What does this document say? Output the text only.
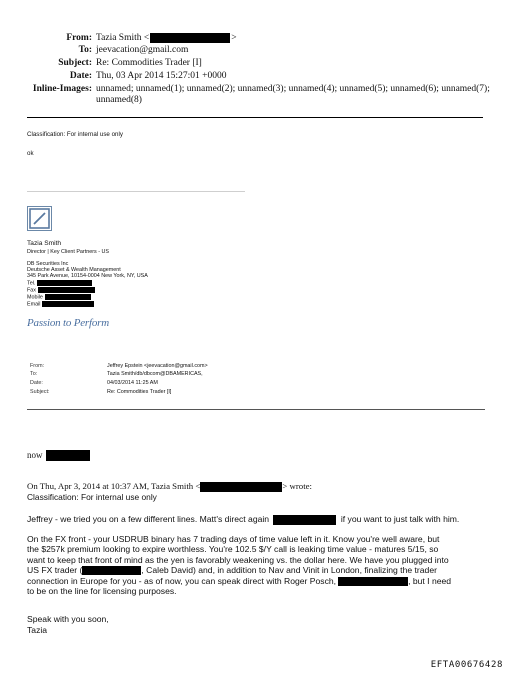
From: Tazia Smith <	>
To: jeevacation@gmail.com
Subject: Re: Commodities Trader [I]
Date: Thu, 03 Apr 2014 15:27:01 +0000
Inline-Images: unnamed; unnamed(1); unnamed(2); unnamed(3); unnamed(4); unnamed(5); unnamed(6); unnamed(7);
unnamed(8)
Classification: For internal use only
ok
Tazia Smith
Director | Key Client Partners - US
DB Securities Inc
Deutsche Asset & Wealth Management
345 Park Avenue, 10154-0004 New York, NY, USA
Tel.
Fax
Mobile
Email
Passion to Perform
From:	Jeffrey Epstein <jeevacation@gmail.com>
To:	Tazia Smith/db/dbcom@DBAMERICAS,
Date:	04/03/2014 11:25 AM
Subject:	Re: Commodities Trader [I]
now
On Thu, Apr 3, 2014 at 10:37 AM, Tazia Smith <	> wrote:
Classification: For internal use only
Jeffrey - we tried you on a few different lines. Matt's direct again	if you want to just talk with him.
On the FX front - your USDRUB binary has 7 trading days of time value left in it. Know you're well aware, but
the $257k premium looking to expire worthless. You're 102.5 $/Y call is leaking time value - matures 5/15, so
want to keep that front of mind as the yen is favorably weakening vs. the dollar here. We have you plugged into
US FX trader (	, Caleb David) and, in addition to Nav and Vinit in London, finalizing the trader
connection in Europe for you - as of now, you can speak direct with Roger Posch,	, but I need
to be on the line for licensing purposes.
Speak with you soon,
Tazia
EFTA00676428
